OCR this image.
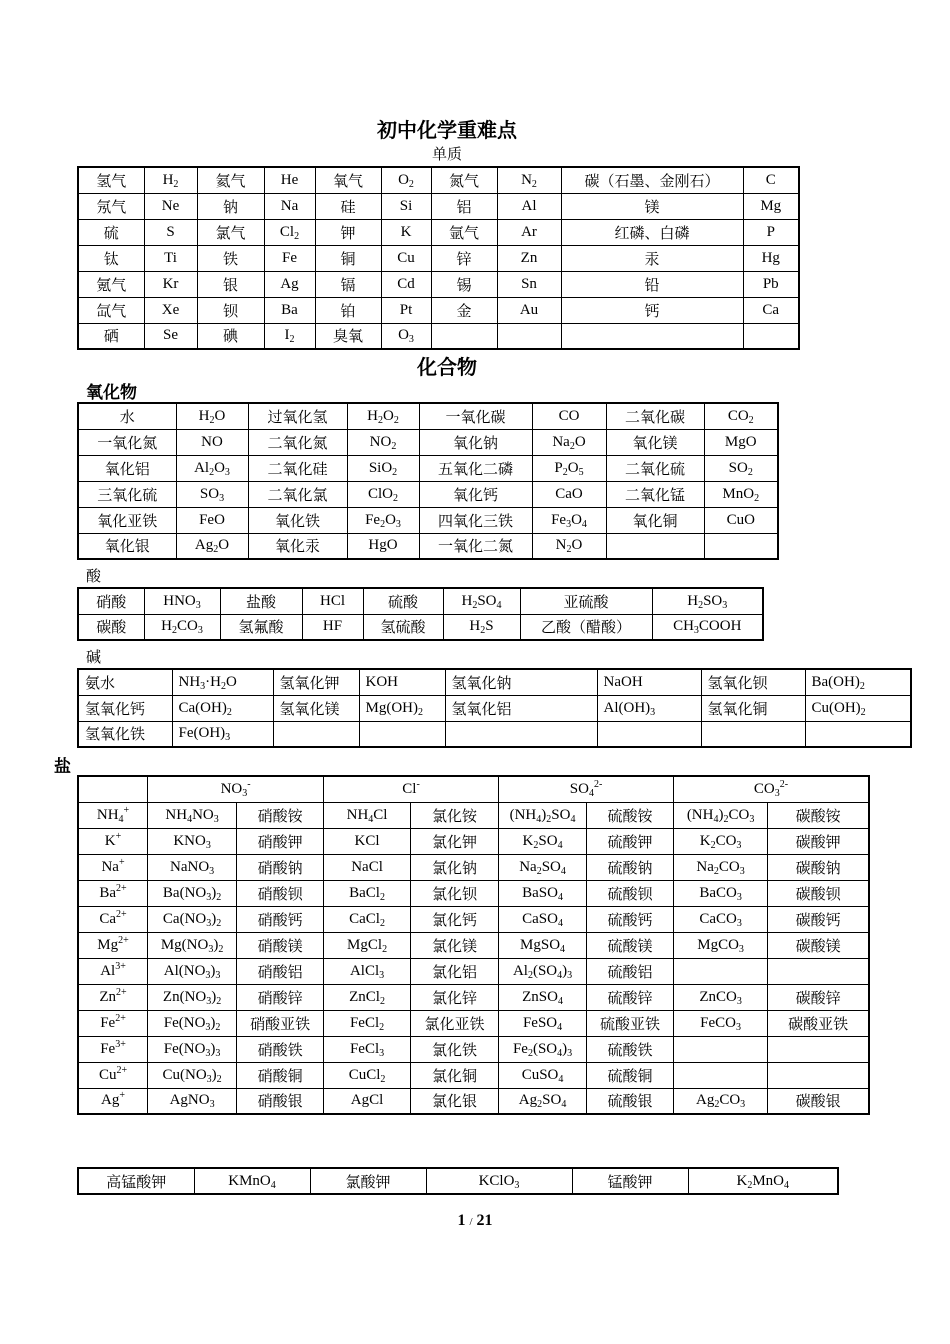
初中化学重难点
单质
氢气	$H_2$	氦气	He	氧气	$O_2$	氮气	$N_2$	碳（石墨、金刚石）	C
氖气	Ne	钠	Na	硅	Si	铝	Al	镁	Mg
硫	S	氯气	$Cl_2$	钾	K	氩气	Ar	红磷、白磷	P
钛	Ti	铁	Fe	铜	Cu	锌	Zn	汞	Hg
氪气	Kr	银	Ag	镉	Cd	锡	Sn	铅	Pb
氙气	Xe	钡	Ba	铂	Pt	金	Au	钙	Ca
硒	Se	碘	$I_2$	臭氧	$O_3$				
化合物
氧化物
水	$H_2O$	过氧化氢	$H_2O_2$	一氧化碳	CO	二氧化碳	$CO_2$
一氧化氮	NO	二氧化氮	$NO_2$	氧化钠	$Na_2O$	氧化镁	MgO
氧化铝	$Al_2O_3$	二氧化硅	SiO$_2$	五氧化二磷	$P_2O_5$	二氧化硫	$SO_2$
三氧化硫	$SO_3$	二氧化氯	ClO$_2$	氧化钙	CaO	二氧化锰	MnO$_2$
氧化亚铁	FeO	氧化铁	$Fe_2O_3$	四氧化三铁	$Fe_3O_4$	氧化铜	CuO
氧化银	$Ag_2O$	氧化汞	HgO	一氧化二氮	$N_2O$		
酸
硝酸	$HNO_3$	盐酸	HCl	硫酸	$H_2SO_4$	亚硫酸	$H_2SO_3$
碳酸	$H_2CO_3$	氢氟酸	HF	氢硫酸	$H_2S$	乙酸（醋酸）	$CH_3COOH$
碱
氨水	$NH_3\cdot H_2O$	氢氧化钾	KOH	氢氧化钠	NaOH	氢氧化钡	$Ba(OH)_2$
氢氧化钙	$Ca(OH)_2$	氢氧化镁	$Mg(OH)_2$	氢氧化铝	$Al(OH)_3$	氢氧化铜	$Cu(OH)_2$
氢氧化铁	$Fe(OH)_3$						
盐
	$NO_3^-$		Cl-		$SO_4^{2-}$		$CO_3^{2-}$
$NH_4^+$	$NH_4NO_3$	硝酸铵	$NH_4Cl$	氯化铵	$(NH_4)_2SO_4$	硫酸铵	$(NH_4)_2CO_3$	碳酸铵
K+	$KNO_3$	硝酸钾	KCl	氯化钾	$K_2SO_4$	硫酸钾	$K_2CO_3$	碳酸钾
Na+	NaNO$_3$	硝酸钠	NaCl	氯化钠	$Na_2SO_4$	硫酸钠	$Na_2CO_3$	碳酸钠
$Ba^{2+}$	$Ba(NO_3)_2$	硝酸钡	BaCl$_2$	氯化钡	BaSO$_4$	硫酸钡	BaCO$_3$	碳酸钡
$Ca^{2+}$	$Ca(NO_3)_2$	硝酸钙	CaCl$_2$	氯化钙	CaSO$_4$	硫酸钙	CaCO$_3$	碳酸钙
$Mg^{2+}$	$Mg(NO_3)_2$	硝酸镁	MgCl$_2$	氯化镁	MgSO$_4$	硫酸镁	MgCO$_3$	碳酸镁
$Al^{3+}$	$Al(NO_3)_3$	硝酸铝	AlCl$_3$	氯化铝	$Al_2(SO_4)_3$	硫酸铝		
$Zn^{2+}$	$Zn(NO_3)_2$	硝酸锌	ZnCl$_2$	氯化锌	ZnSO$_4$	硫酸锌	ZnCO$_3$	碳酸锌
$Fe^{2+}$	$Fe(NO_3)_2$	硝酸亚铁	FeCl$_2$	氯化亚铁	FeSO$_4$	硫酸亚铁	FeCO$_3$	碳酸亚铁
$Fe^{3+}$	$Fe(NO_3)_3$	硝酸铁	FeCl$_3$	氯化铁	$Fe_2(SO_4)_3$	硫酸铁		
$Cu^{2+}$	$Cu(NO_3)_2$	硝酸铜	CuCl$_2$	氯化铜	CuSO$_4$	硫酸铜		
Ag+	AgNO$_3$	硝酸银	AgCl	氯化银	$Ag_2SO_4$	硫酸银	$Ag_2CO_3$	碳酸银
高锰酸钾	KMnO$_4$	氯酸钾	KClO$_3$	锰酸钾	$K_2MnO_4$
1 / 21
